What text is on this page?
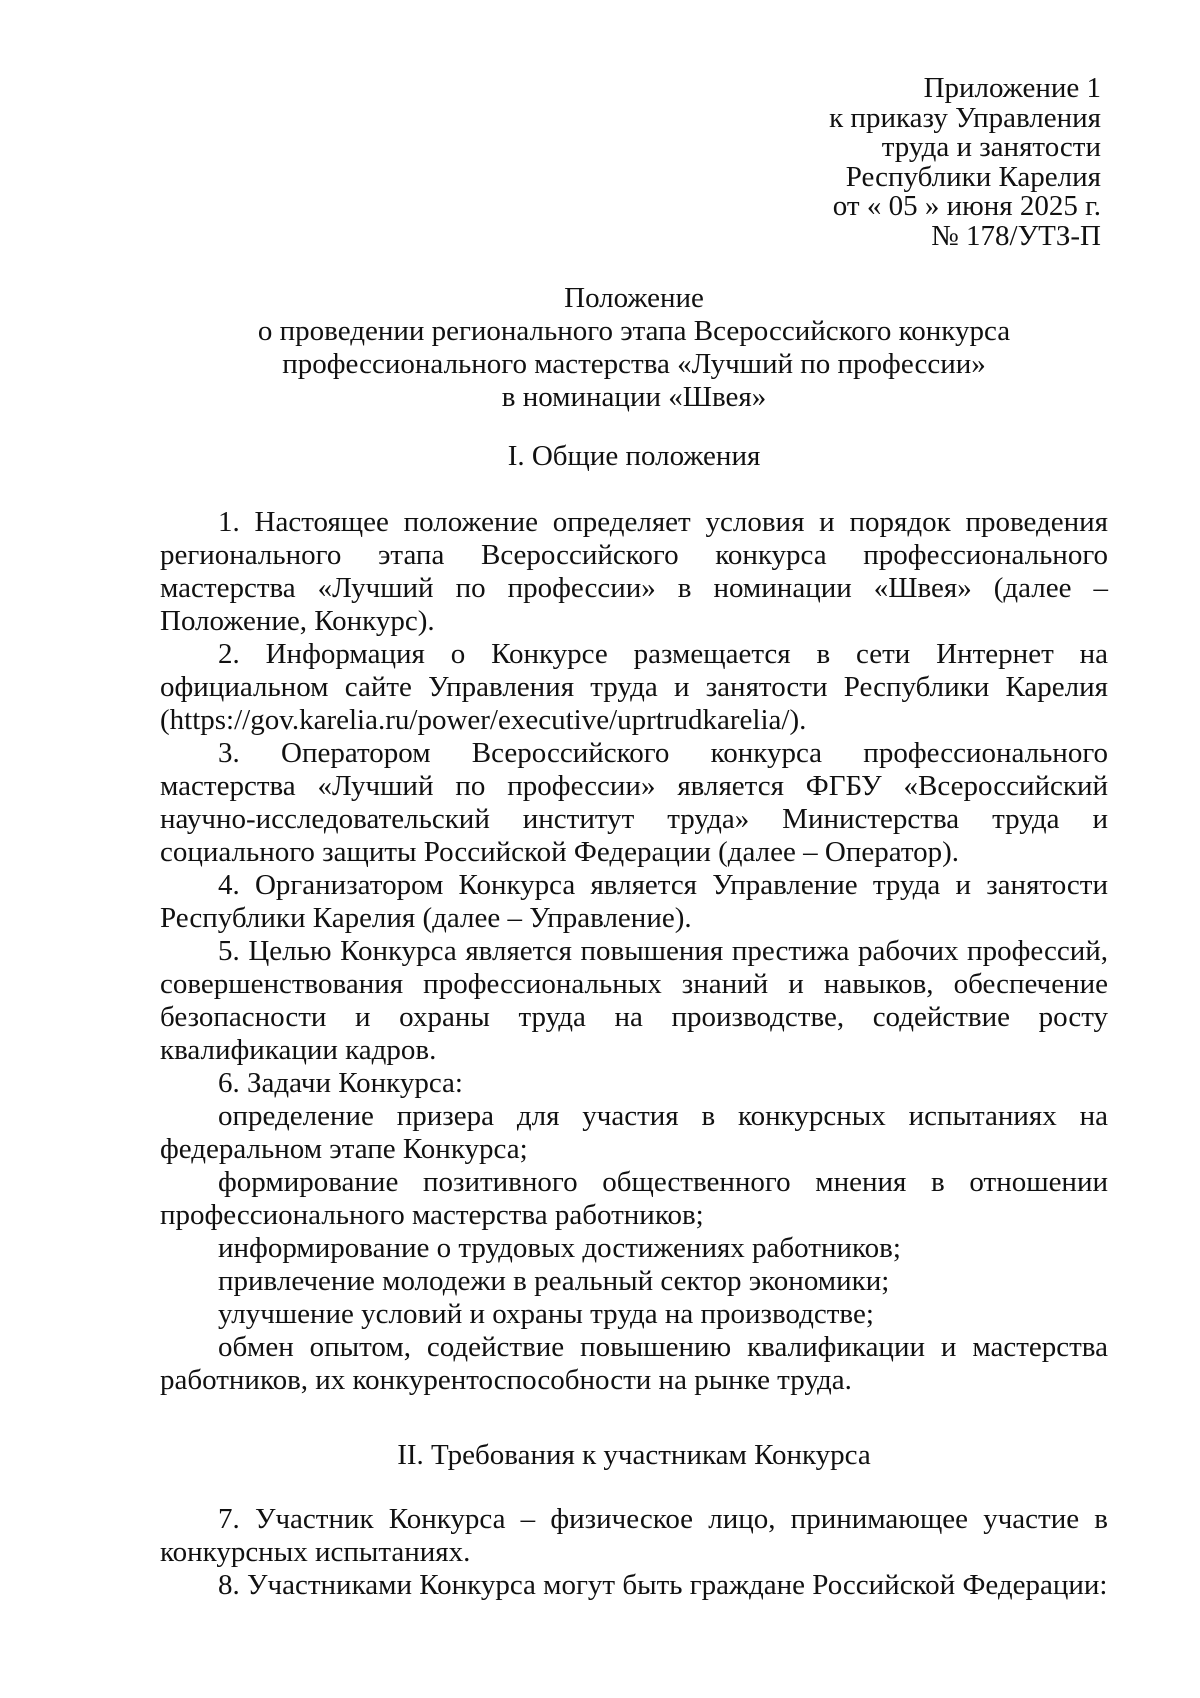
Приложение 1
к приказу Управления
труда и занятости
Республики Карелия
от « 05 » июня 2025 г.
№ 178/УТЗ-П
Положение
о проведении регионального этапа Всероссийского конкурса
профессионального мастерства «Лучший по профессии»
в номинации «Швея»
I. Общие положения

1. Настоящее положение определяет условия и порядок проведения регионального этапа Всероссийского конкурса профессионального мастерства «Лучший по профессии» в номинации «Швея» (далее – Положение, Конкурс).

2. Информация о Конкурсе размещается в сети Интернет на официальном сайте Управления труда и занятости Республики Карелия (https://gov.karelia.ru/power/executive/uprtrudkarelia/).

3. Оператором Всероссийского конкурса профессионального мастерства «Лучший по профессии» является ФГБУ «Всероссийский научно-исследовательский институт труда» Министерства труда и социального защиты Российской Федерации (далее – Оператор).

4. Организатором Конкурса является Управление труда и занятости Республики Карелия (далее – Управление).

5. Целью Конкурса является повышения престижа рабочих профессий, совершенствования профессиональных знаний и навыков, обеспечение безопасности и охраны труда на производстве, содействие росту квалификации кадров.

6. Задачи Конкурса:

определение призера для участия в конкурсных испытаниях на федеральном этапе Конкурса;

формирование позитивного общественного мнения в отношении профессионального мастерства работников;

информирование о трудовых достижениях работников;

привлечение молодежи в реальный сектор экономики;

улучшение условий и охраны труда на производстве;

обмен опытом, содействие повышению квалификации и мастерства работников, их конкурентоспособности на рынке труда.

II. Требования к участникам Конкурса

7. Участник Конкурса – физическое лицо, принимающее участие в конкурсных испытаниях.

8. Участниками Конкурса могут быть граждане Российской Федерации:
